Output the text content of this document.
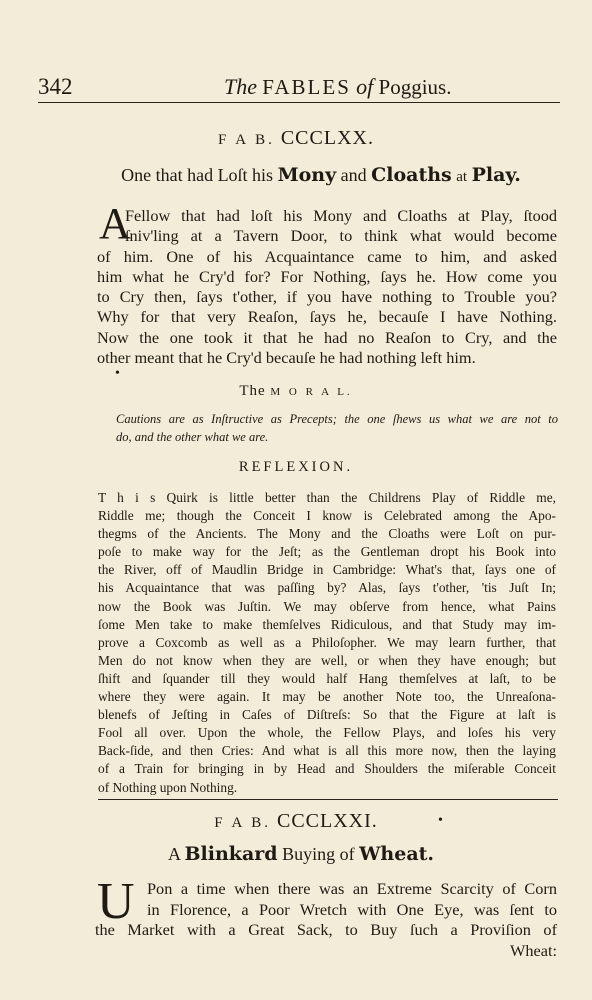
342	The FABLES of Poggius.
F A B. CCCLXX.
One that had Loſt his Mony and Cloaths at Play.
A
Fellow that had loſt his Mony and Cloaths at Play, ſtood
ſniv'ling at a Tavern Door, to think what would become
of him. One of his Acquaintance came to him, and asked
him what he Cry'd for? For Nothing, ſays he. How come you
to Cry then, ſays t'other, if you have nothing to Trouble you?
Why for that very Reaſon, ſays he, becauſe I have Nothing.
Now the one took it that he had no Reaſon to Cry, and the
other meant that he Cry'd becauſe he had nothing left him.
•
The M O R A L.
Cautions are as Inſtructive as Precepts; the one ſhews us what we are not to
do, and the other what we are.
REFLEXION.
T h i s Quirk is little better than the Childrens Play of Riddle me,
Riddle me; though the Conceit I know is Celebrated among the Apo-
thegms of the Ancients. The Mony and the Cloaths were Loſt on pur-
poſe to make way for the Jeſt; as the Gentleman dropt his Book into
the River, off of Maudlin Bridge in Cambridge: What's that, ſays one of
his Acquaintance that was paſſing by? Alas, ſays t'other, 'tis Juſt In;
now the Book was Juſtin. We may obſerve from hence, what Pains
ſome Men take to make themſelves Ridiculous, and that Study may im-
prove a Coxcomb as well as a Philoſopher. We may learn further, that
Men do not know when they are well, or when they have enough; but
ſhift and ſquander till they would half Hang themſelves at laſt, to be
where they were again. It may be another Note too, the Unreaſona-
blenefs of Jeſting in Caſes of Diſtreſs: So that the Figure at laſt is
Fool all over. Upon the whole, the Fellow Plays, and loſes his very
Back-ſide, and then Cries: And what is all this more now, then the laying
of a Train for bringing in by Head and Shoulders the miſerable Conceit
of Nothing upon Nothing.
F A B. CCCLXXI.	•
A Blinkard Buying of Wheat.
U Pon a time when there was an Extreme Scarcity of Corn
in Florence, a Poor Wretch with One Eye, was ſent to
the Market with a Great Sack, to Buy ſuch a Proviſion of
Wheat:
